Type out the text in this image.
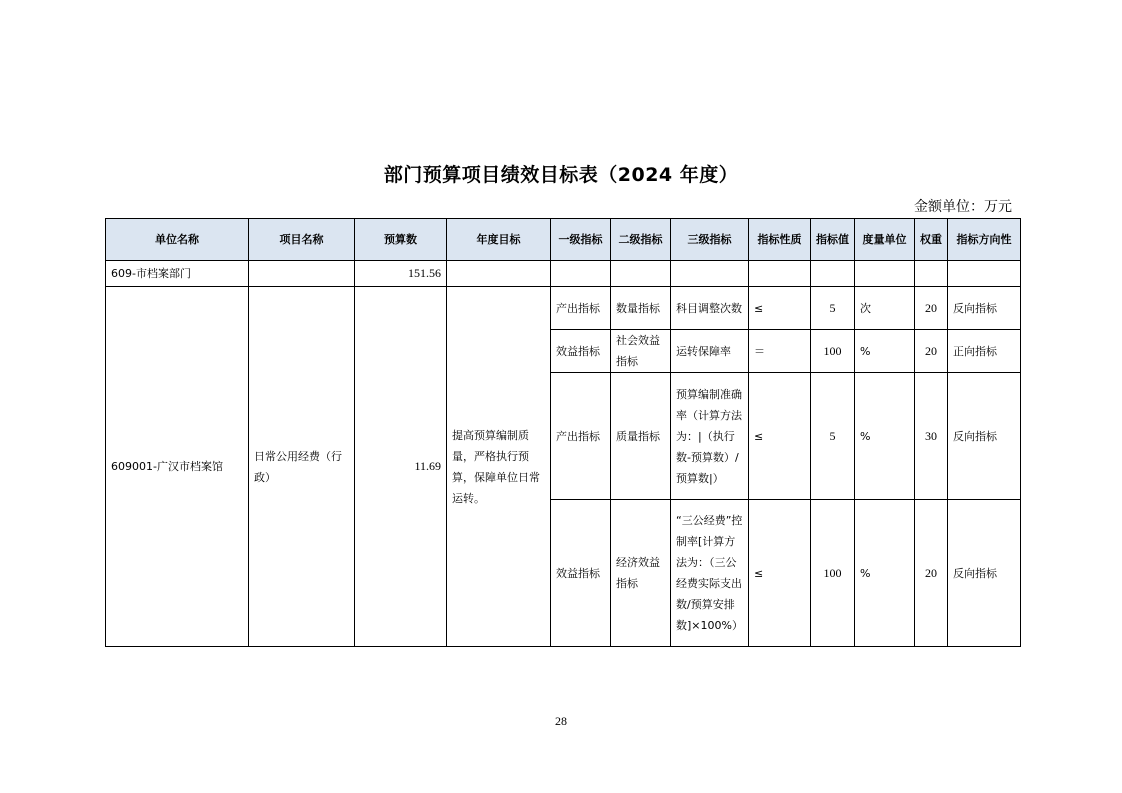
部门预算项目绩效目标表（2024 年度）
金额单位：万元
单位名称	项目名称	预算数	年度目标	一级指标	二级指标	三级指标	指标性质	指标值	度量单位	权重	指标方向性
609-市档案部门		151.56									
609001-广汉市档案馆	日常公用经费（行政）	11.69	提高预算编制质量，严格执行预算，保障单位日常运转。	产出指标	数量指标	科目调整次数	≤	5	次	20	反向指标
				效益指标	社会效益指标	运转保障率	＝	100	%	20	正向指标
				产出指标	质量指标	预算编制准确率（计算方法为：|（执行数-预算数）/预算数|）	≤	5	%	30	反向指标
				效益指标	经济效益指标	“三公经费”控制率[计算方法为：（三公经费实际支出数/预算安排数]×100%）	≤	100	%	20	反向指标
28
